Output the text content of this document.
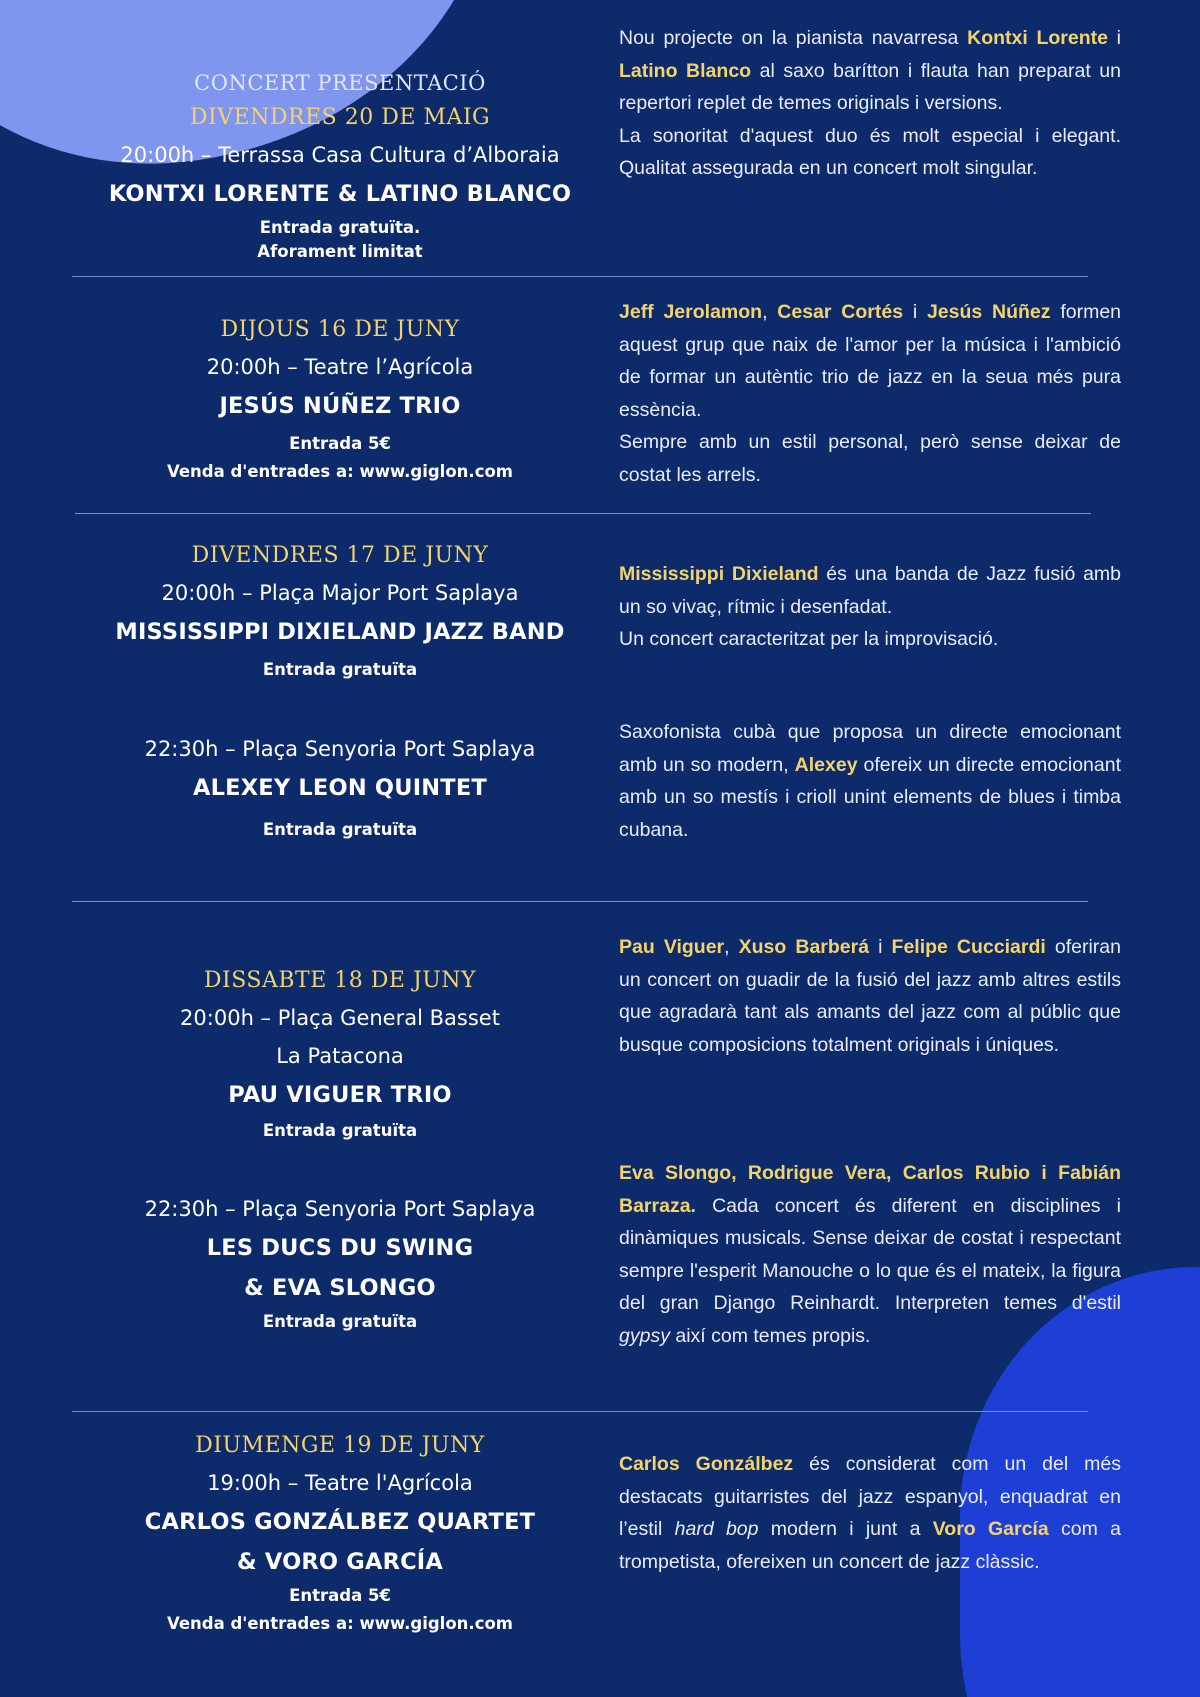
CONCERT PRESENTACIÓ
DIVENDRES 20 DE MAIG
20:00h – Terrassa Casa Cultura d’Alboraia
KONTXI LORENTE & LATINO BLANCO
Entrada gratuïta.
Aforament limitat

Nou projecte on la pianista navarresa Kontxi Lorente i Latino Blanco al saxo barítton i flauta han preparat un repertori replet de temes originals i versions.

La sonoritat d'aquest duo és molt especial i elegant. Qualitat assegurada en un concert molt singular.

DIJOUS 16 DE JUNY
20:00h – Teatre l’Agrícola
JESÚS NÚÑEZ TRIO
Entrada 5€
Venda d'entrades a: www.giglon.com

Jeff Jerolamon, Cesar Cortés i Jesús Núñez formen aquest grup que naix de l'amor per la música i l'ambició de formar un autèntic trio de jazz en la seua més pura essència.

Sempre amb un estil personal, però sense deixar de costat les arrels.

DIVENDRES 17 DE JUNY
20:00h – Plaça Major Port Saplaya
MISSISSIPPI DIXIELAND JAZZ BAND
Entrada gratuïta

Mississippi Dixieland és una banda de Jazz fusió amb un so vivaç, rítmic i desenfadat.

Un concert caracteritzat per la improvisació.

22:30h – Plaça Senyoria Port Saplaya
ALEXEY LEON QUINTET
Entrada gratuïta

Saxofonista cubà que proposa un directe emocionant amb un so modern, Alexey ofereix un directe emocionant amb un so mestís i crioll unint elements de blues i timba cubana.

DISSABTE 18 DE JUNY
20:00h – Plaça General Basset
La Patacona
PAU VIGUER TRIO
Entrada gratuïta

Pau Viguer, Xuso Barberá i Felipe Cucciardi oferiran un concert on guadir de la fusió del jazz amb altres estils que agradarà tant als amants del jazz com al públic que busque composicions totalment originals i úniques.

22:30h – Plaça Senyoria Port Saplaya
LES DUCS DU SWING
& EVA SLONGO
Entrada gratuïta

Eva Slongo, Rodrigue Vera, Carlos Rubio i Fabián Barraza. Cada concert és diferent en disciplines i dinàmiques musicals. Sense deixar de costat i respectant sempre l'esperit Manouche o lo que és el mateix, la figura del gran Django Reinhardt. Interpreten temes d'estil gypsy així com temes propis.

DIUMENGE 19 DE JUNY
19:00h – Teatre l'Agrícola
CARLOS GONZÁLBEZ QUARTET
& VORO GARCÍA
Entrada 5€
Venda d'entrades a: www.giglon.com

Carlos Gonzálbez és considerat com un del més destacats guitarristes del jazz espanyol, enquadrat en l’estil hard bop modern i junt a Voro García com a trompetista, ofereixen un concert de jazz clàssic.
